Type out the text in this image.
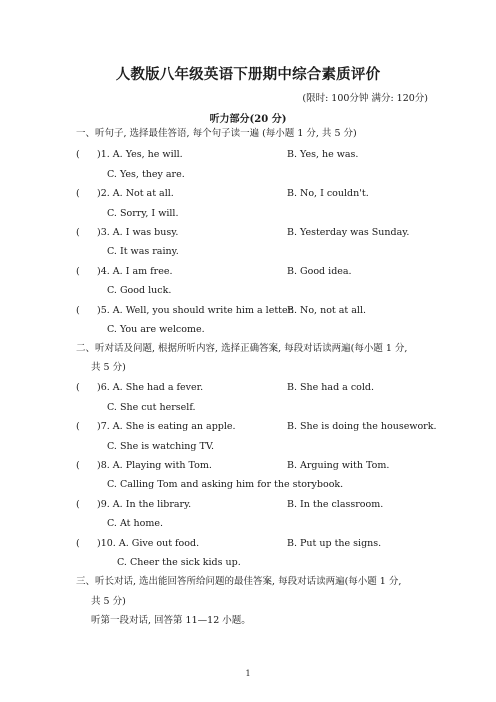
人教版八年级英语下册期中综合素质评价
(限时: 100分钟 满分: 120分)
听力部分(20 分)
一、听句子, 选择最佳答语, 每个句子读一遍 (每小题 1 分, 共 5 分)
( )1. A. Yes, he will.	B. Yes, he was.
C. Yes, they are.
( )2. A. Not at all.	B. No, I couldn't.
C. Sorry, I will.
( )3. A. I was busy.	B. Yesterday was Sunday.
C. It was rainy.
( )4. A. I am free.	B. Good idea.
C. Good luck.
( )5. A. Well, you should write him a letter.
B. No, not at all.
C. You are welcome.
二、听对话及问题, 根据所听内容, 选择正确答案, 每段对话读两遍(每小题 1 分,
共 5 分)
( )6. A. She had a fever.	B. She had a cold.
C. She cut herself.
( )7. A. She is eating an apple.	B. She is doing the housework.
C. She is watching TV.
( )8. A. Playing with Tom.	B. Arguing with Tom.
C. Calling Tom and asking him for the storybook.
( )9. A. In the library.	B. In the classroom.
C. At home.
( )10. A. Give out food.	B. Put up the signs.
C. Cheer the sick kids up.
三、听长对话, 选出能回答所给问题的最佳答案, 每段对话读两遍(每小题 1 分,
共 5 分)
听第一段对话, 回答第 11—12 小题。
1
